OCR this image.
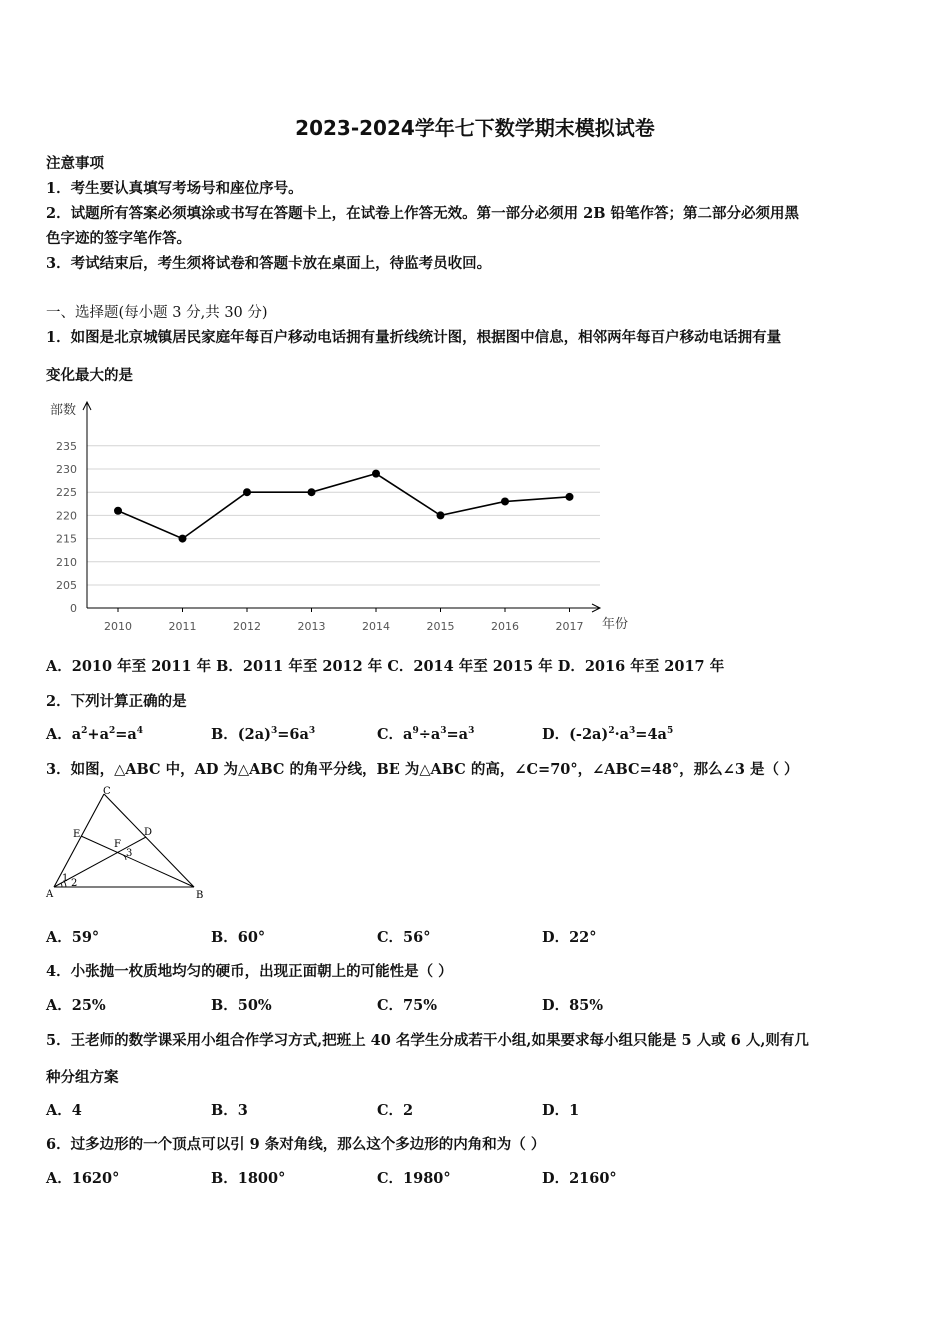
2023-2024学年七下数学期末模拟试卷
注意事项
1．考生要认真填写考场号和座位序号。
2．试题所有答案必须填涂或书写在答题卡上，在试卷上作答无效。第一部分必须用 2B 铅笔作答；第二部分必须用黑
色字迹的签字笔作答。
3．考试结束后，考生须将试卷和答题卡放在桌面上，待监考员收回。
一、选择题(每小题 3 分,共 30 分)
1．如图是北京城镇居民家庭年每百户移动电话拥有量折线统计图，根据图中信息，相邻两年每百户移动电话拥有量
变化最大的是
部数
年份
0
205
210
215
220
225
230
235
2010	2011	2012	2013	2014	2015	2016	2017
A．2010 年至 2011 年 B．2011 年至 2012 年 C．2014 年至 2015 年 D．2016 年至 2017 年
2．下列计算正确的是
A．$a^2+a^2=a^4$	B．$(2a)^3=6a^3$	C．$a^9\div a^3=a^3$	D．$(-2a)^2\cdot a^3=4a^5$
3．如图，△ABC 中，AD 为△ABC 的角平分线，BE 为△ABC 的高，∠C=70°，∠ABC=48°，那么∠3 是（ ）
A	B
C
D
E
F
1 2
3
A．59°	B．60°	C．56°	D．22°
4．小张抛一枚质地均匀的硬币，出现正面朝上的可能性是（ ）
A．25%	B．50%	C．75%	D．85%
5．王老师的数学课采用小组合作学习方式,把班上 40 名学生分成若干小组,如果要求每小组只能是 5 人或 6 人,则有几
种分组方案
A．4	B．3	C．2	D．1
6．过多边形的一个顶点可以引 9 条对角线，那么这个多边形的内角和为（ ）
A．1620°	B．1800°	C．1980°	D．2160°
